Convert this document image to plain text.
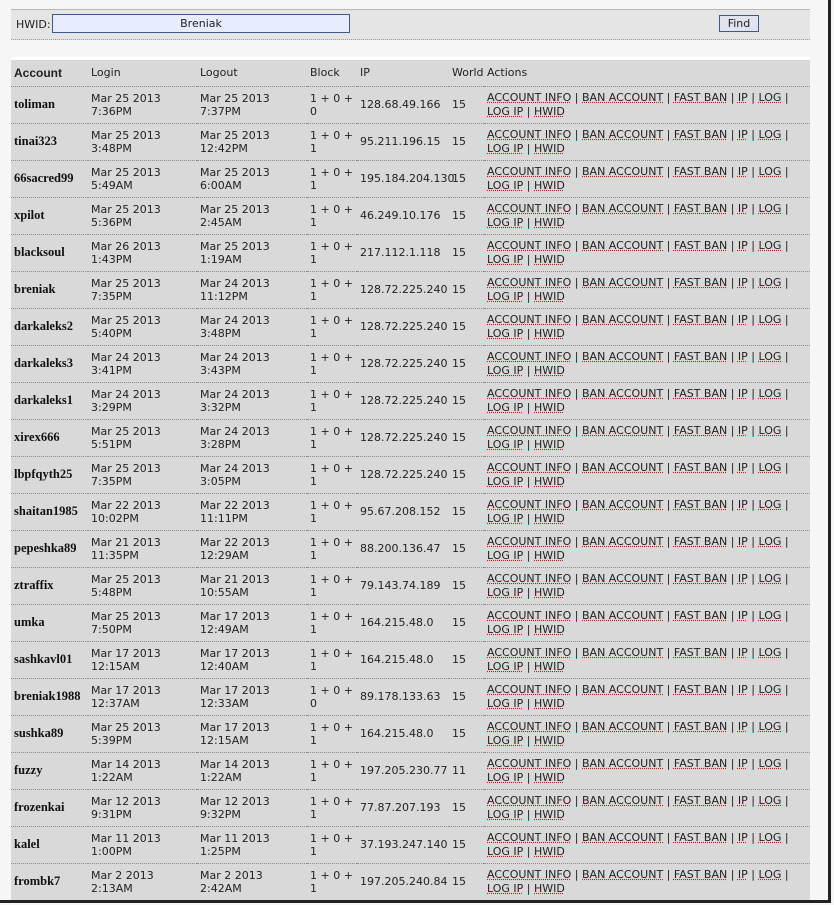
HWID:
Breniak	Find
Account	Login	Logout	Block	IP	World	Actions
toliman	Mar 25 2013 7:36PM	Mar 25 2013 7:37PM	1 + 0 + 0	128.68.49.166	15	ACCOUNT INFO | BAN ACCOUNT | FAST BAN | IP | LOG | LOG IP | HWID
tinai323	Mar 25 2013 3:48PM	Mar 25 2013 12:42PM	1 + 0 + 1	95.211.196.15	15	ACCOUNT INFO | BAN ACCOUNT | FAST BAN | IP | LOG | LOG IP | HWID
66sacred99	Mar 25 2013 5:49AM	Mar 25 2013 6:00AM	1 + 0 + 1	195.184.204.130	15	ACCOUNT INFO | BAN ACCOUNT | FAST BAN | IP | LOG | LOG IP | HWID
xpilot	Mar 25 2013 5:36PM	Mar 25 2013 2:45AM	1 + 0 + 1	46.249.10.176	15	ACCOUNT INFO | BAN ACCOUNT | FAST BAN | IP | LOG | LOG IP | HWID
blacksoul	Mar 26 2013 1:43PM	Mar 25 2013 1:19AM	1 + 0 + 1	217.112.1.118	15	ACCOUNT INFO | BAN ACCOUNT | FAST BAN | IP | LOG | LOG IP | HWID
breniak	Mar 25 2013 7:35PM	Mar 24 2013 11:12PM	1 + 0 + 1	128.72.225.240	15	ACCOUNT INFO | BAN ACCOUNT | FAST BAN | IP | LOG | LOG IP | HWID
darkaleks2	Mar 25 2013 5:40PM	Mar 24 2013 3:48PM	1 + 0 + 1	128.72.225.240	15	ACCOUNT INFO | BAN ACCOUNT | FAST BAN | IP | LOG | LOG IP | HWID
darkaleks3	Mar 24 2013 3:41PM	Mar 24 2013 3:43PM	1 + 0 + 1	128.72.225.240	15	ACCOUNT INFO | BAN ACCOUNT | FAST BAN | IP | LOG | LOG IP | HWID
darkaleks1	Mar 24 2013 3:29PM	Mar 24 2013 3:32PM	1 + 0 + 1	128.72.225.240	15	ACCOUNT INFO | BAN ACCOUNT | FAST BAN | IP | LOG | LOG IP | HWID
xirex666	Mar 25 2013 5:51PM	Mar 24 2013 3:28PM	1 + 0 + 1	128.72.225.240	15	ACCOUNT INFO | BAN ACCOUNT | FAST BAN | IP | LOG | LOG IP | HWID
lbpfqyth25	Mar 25 2013 7:35PM	Mar 24 2013 3:05PM	1 + 0 + 1	128.72.225.240	15	ACCOUNT INFO | BAN ACCOUNT | FAST BAN | IP | LOG | LOG IP | HWID
shaitan1985	Mar 22 2013 10:02PM	Mar 22 2013 11:11PM	1 + 0 + 1	95.67.208.152	15	ACCOUNT INFO | BAN ACCOUNT | FAST BAN | IP | LOG | LOG IP | HWID
pepeshka89	Mar 21 2013 11:35PM	Mar 22 2013 12:29AM	1 + 0 + 1	88.200.136.47	15	ACCOUNT INFO | BAN ACCOUNT | FAST BAN | IP | LOG | LOG IP | HWID
ztraffix	Mar 25 2013 5:48PM	Mar 21 2013 10:55AM	1 + 0 + 1	79.143.74.189	15	ACCOUNT INFO | BAN ACCOUNT | FAST BAN | IP | LOG | LOG IP | HWID
umka	Mar 25 2013 7:50PM	Mar 17 2013 12:49AM	1 + 0 + 1	164.215.48.0	15	ACCOUNT INFO | BAN ACCOUNT | FAST BAN | IP | LOG | LOG IP | HWID
sashkavl01	Mar 17 2013 12:15AM	Mar 17 2013 12:40AM	1 + 0 + 1	164.215.48.0	15	ACCOUNT INFO | BAN ACCOUNT | FAST BAN | IP | LOG | LOG IP | HWID
breniak1988	Mar 17 2013 12:37AM	Mar 17 2013 12:33AM	1 + 0 + 0	89.178.133.63	15	ACCOUNT INFO | BAN ACCOUNT | FAST BAN | IP | LOG | LOG IP | HWID
sushka89	Mar 25 2013 5:39PM	Mar 17 2013 12:15AM	1 + 0 + 1	164.215.48.0	15	ACCOUNT INFO | BAN ACCOUNT | FAST BAN | IP | LOG | LOG IP | HWID
fuzzy	Mar 14 2013 1:22AM	Mar 14 2013 1:22AM	1 + 0 + 1	197.205.230.77	11	ACCOUNT INFO | BAN ACCOUNT | FAST BAN | IP | LOG | LOG IP | HWID
frozenkai	Mar 12 2013 9:31PM	Mar 12 2013 9:32PM	1 + 0 + 1	77.87.207.193	15	ACCOUNT INFO | BAN ACCOUNT | FAST BAN | IP | LOG | LOG IP | HWID
kalel	Mar 11 2013 1:00PM	Mar 11 2013 1:25PM	1 + 0 + 1	37.193.247.140	15	ACCOUNT INFO | BAN ACCOUNT | FAST BAN | IP | LOG | LOG IP | HWID
frombk7	Mar 2 2013 2:13AM	Mar 2 2013 2:42AM	1 + 0 + 1	197.205.240.84	15	ACCOUNT INFO | BAN ACCOUNT | FAST BAN | IP | LOG | LOG IP | HWID
